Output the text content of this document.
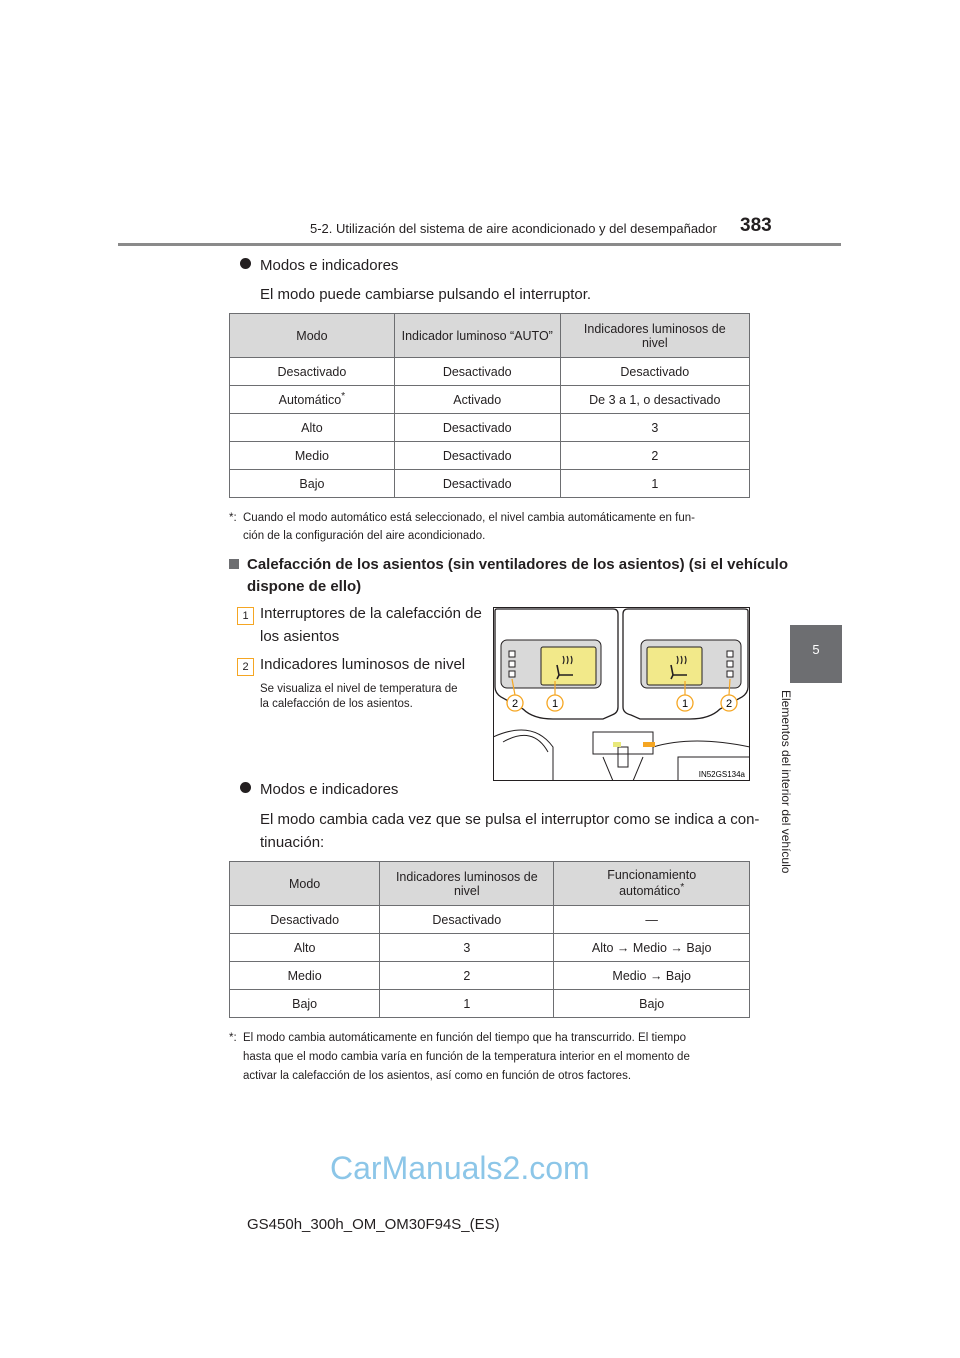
5-2. Utilización del sistema de aire acondicionado y del desempañador 383
5
Elementos del interior del vehículo
Modos e indicadores
El modo puede cambiarse pulsando el interruptor.
Modo	Indicador luminoso “AUTO”	Indicadores luminosos de nivel
Desactivado	Desactivado	Desactivado
Automático*	Activado	De 3 a 1, o desactivado
Alto	Desactivado	3
Medio	Desactivado	2
Bajo	Desactivado	1
*: Cuando el modo automático está seleccionado, el nivel cambia automáticamente en fun-
ción de la configuración del aire acondicionado.
Calefacción de los asientos (sin ventiladores de los asientos) (si el vehículo
dispone de ello)
1 Interruptores de la calefacción de
los asientos
2 Indicadores luminosos de nivel
Se visualiza el nivel de temperatura de
la calefacción de los asientos.	2	1	1	2
IN52GS134a
Modos e indicadores
El modo cambia cada vez que se pulsa el interruptor como se indica a con-
tinuación:
Modo	Indicadores luminosos de nivel	Funcionamiento automático*
Desactivado	Desactivado	—
Alto	3	Alto → Medio → Bajo
Medio	2	Medio → Bajo
Bajo	1	Bajo
*: El modo cambia automáticamente en función del tiempo que ha transcurrido. El tiempo
hasta que el modo cambia varía en función de la temperatura interior en el momento de
activar la calefacción de los asientos, así como en función de otros factores.
CarManuals2.com
GS450h_300h_OM_OM30F94S_(ES)
